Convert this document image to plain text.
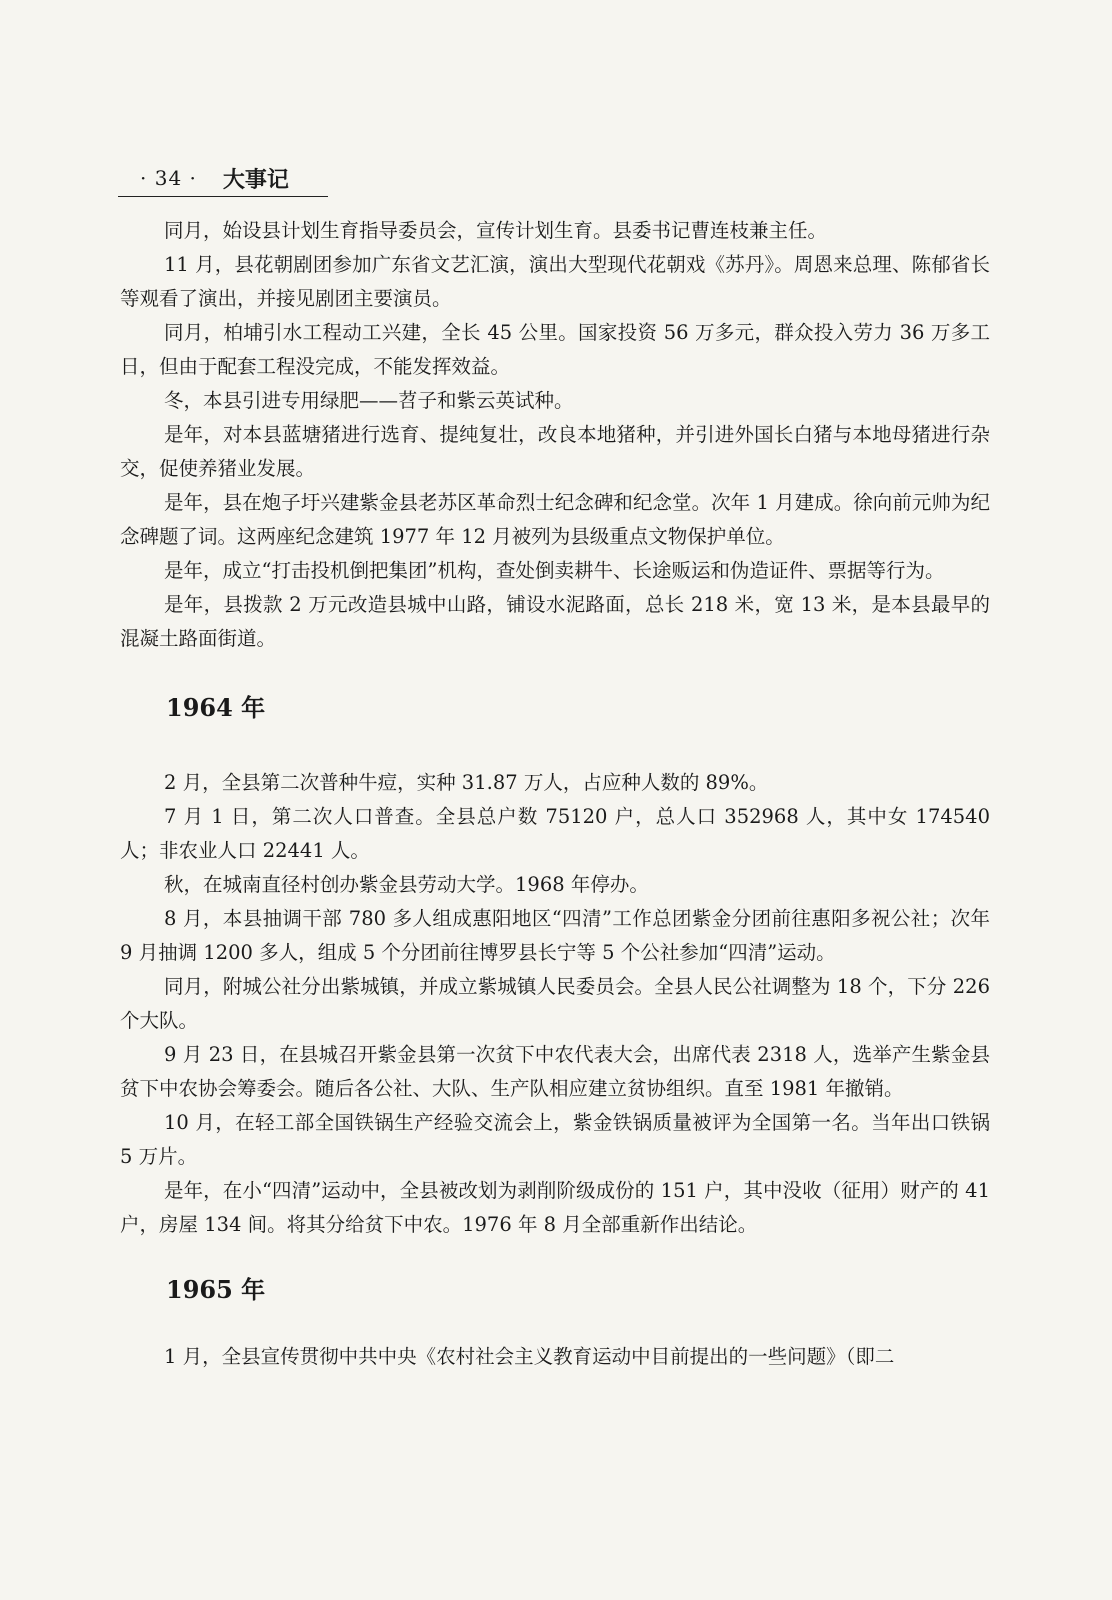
· 34 · 大事记

同月，始设县计划生育指导委员会，宣传计划生育。县委书记曹连枝兼主任。

11 月，县花朝剧团参加广东省文艺汇演，演出大型现代花朝戏《苏丹》。周恩来总理、陈郁省长等观看了演出，并接见剧团主要演员。

同月，柏埔引水工程动工兴建，全长 45 公里。国家投资 56 万多元，群众投入劳力 36 万多工日，但由于配套工程没完成，不能发挥效益。

冬，本县引进专用绿肥——苕子和紫云英试种。

是年，对本县蓝塘猪进行选育、提纯复壮，改良本地猪种，并引进外国长白猪与本地母猪进行杂交，促使养猪业发展。

是年，县在炮子圩兴建紫金县老苏区革命烈士纪念碑和纪念堂。次年 1 月建成。徐向前元帅为纪念碑题了词。这两座纪念建筑 1977 年 12 月被列为县级重点文物保护单位。

是年，成立“打击投机倒把集团”机构，查处倒卖耕牛、长途贩运和伪造证件、票据等行为。

是年，县拨款 2 万元改造县城中山路，铺设水泥路面，总长 218 米，宽 13 米，是本县最早的混凝土路面街道。

1964 年

2 月，全县第二次普种牛痘，实种 31.87 万人，占应种人数的 89%。

7 月 1 日，第二次人口普查。全县总户数 75120 户，总人口 352968 人，其中女 174540 人；非农业人口 22441 人。

秋，在城南直径村创办紫金县劳动大学。1968 年停办。

8 月，本县抽调干部 780 多人组成惠阳地区“四清”工作总团紫金分团前往惠阳多祝公社；次年 9 月抽调 1200 多人，组成 5 个分团前往博罗县长宁等 5 个公社参加“四清”运动。

同月，附城公社分出紫城镇，并成立紫城镇人民委员会。全县人民公社调整为 18 个，下分 226 个大队。

9 月 23 日，在县城召开紫金县第一次贫下中农代表大会，出席代表 2318 人，选举产生紫金县贫下中农协会筹委会。随后各公社、大队、生产队相应建立贫协组织。直至 1981 年撤销。

10 月，在轻工部全国铁锅生产经验交流会上，紫金铁锅质量被评为全国第一名。当年出口铁锅 5 万片。

是年，在小“四清”运动中，全县被改划为剥削阶级成份的 151 户，其中没收（征用）财产的 41 户，房屋 134 间。将其分给贫下中农。1976 年 8 月全部重新作出结论。

1965 年

1 月，全县宣传贯彻中共中央《农村社会主义教育运动中目前提出的一些问题》（即二
